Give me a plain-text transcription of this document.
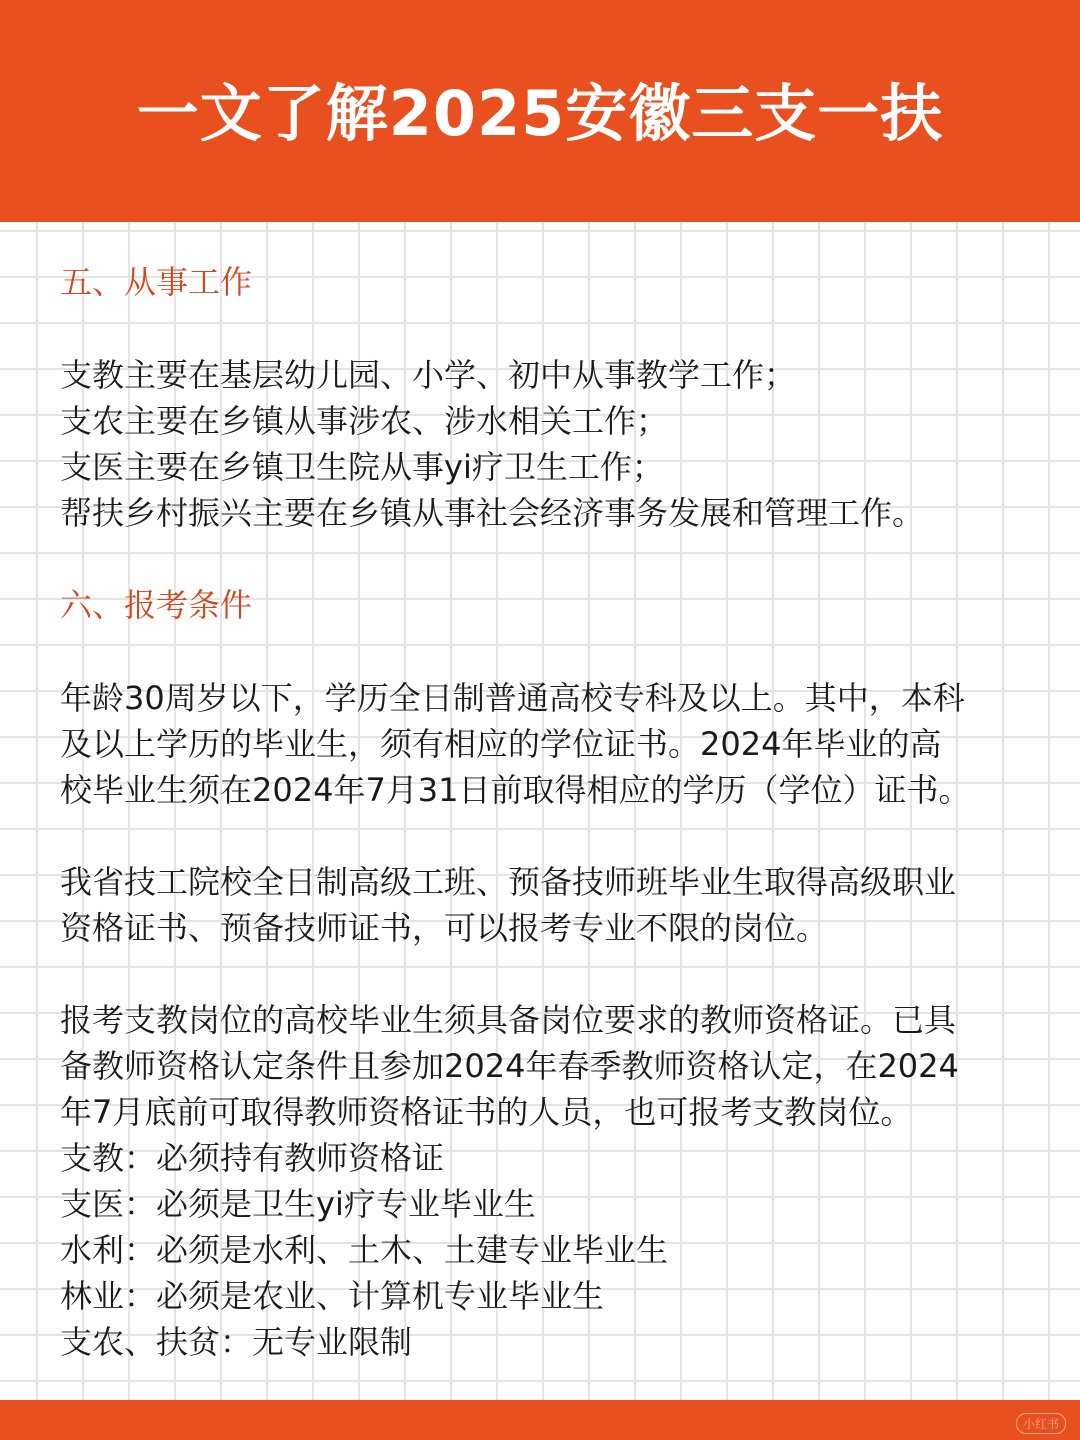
一文了解2025安徽三支一扶
五、从事工作
支教主要在基层幼儿园、小学、初中从事教学工作；
支农主要在乡镇从事涉农、涉水相关工作；
支医主要在乡镇卫生院从事yi疗卫生工作；
帮扶乡村振兴主要在乡镇从事社会经济事务发展和管理工作。
六、报考条件
年龄30周岁以下，学历全日制普通高校专科及以上。其中，本科
及以上学历的毕业生，须有相应的学位证书。2024年毕业的高
校毕业生须在2024年7月31日前取得相应的学历（学位）证书。
我省技工院校全日制高级工班、预备技师班毕业生取得高级职业
资格证书、预备技师证书，可以报考专业不限的岗位。
报考支教岗位的高校毕业生须具备岗位要求的教师资格证。已具
备教师资格认定条件且参加2024年春季教师资格认定，在2024
年7月底前可取得教师资格证书的人员，也可报考支教岗位。
支教：必须持有教师资格证
支医：必须是卫生yi疗专业毕业生
水利：必须是水利、土木、土建专业毕业生
林业：必须是农业、计算机专业毕业生
支农、扶贫：无专业限制
小红书
